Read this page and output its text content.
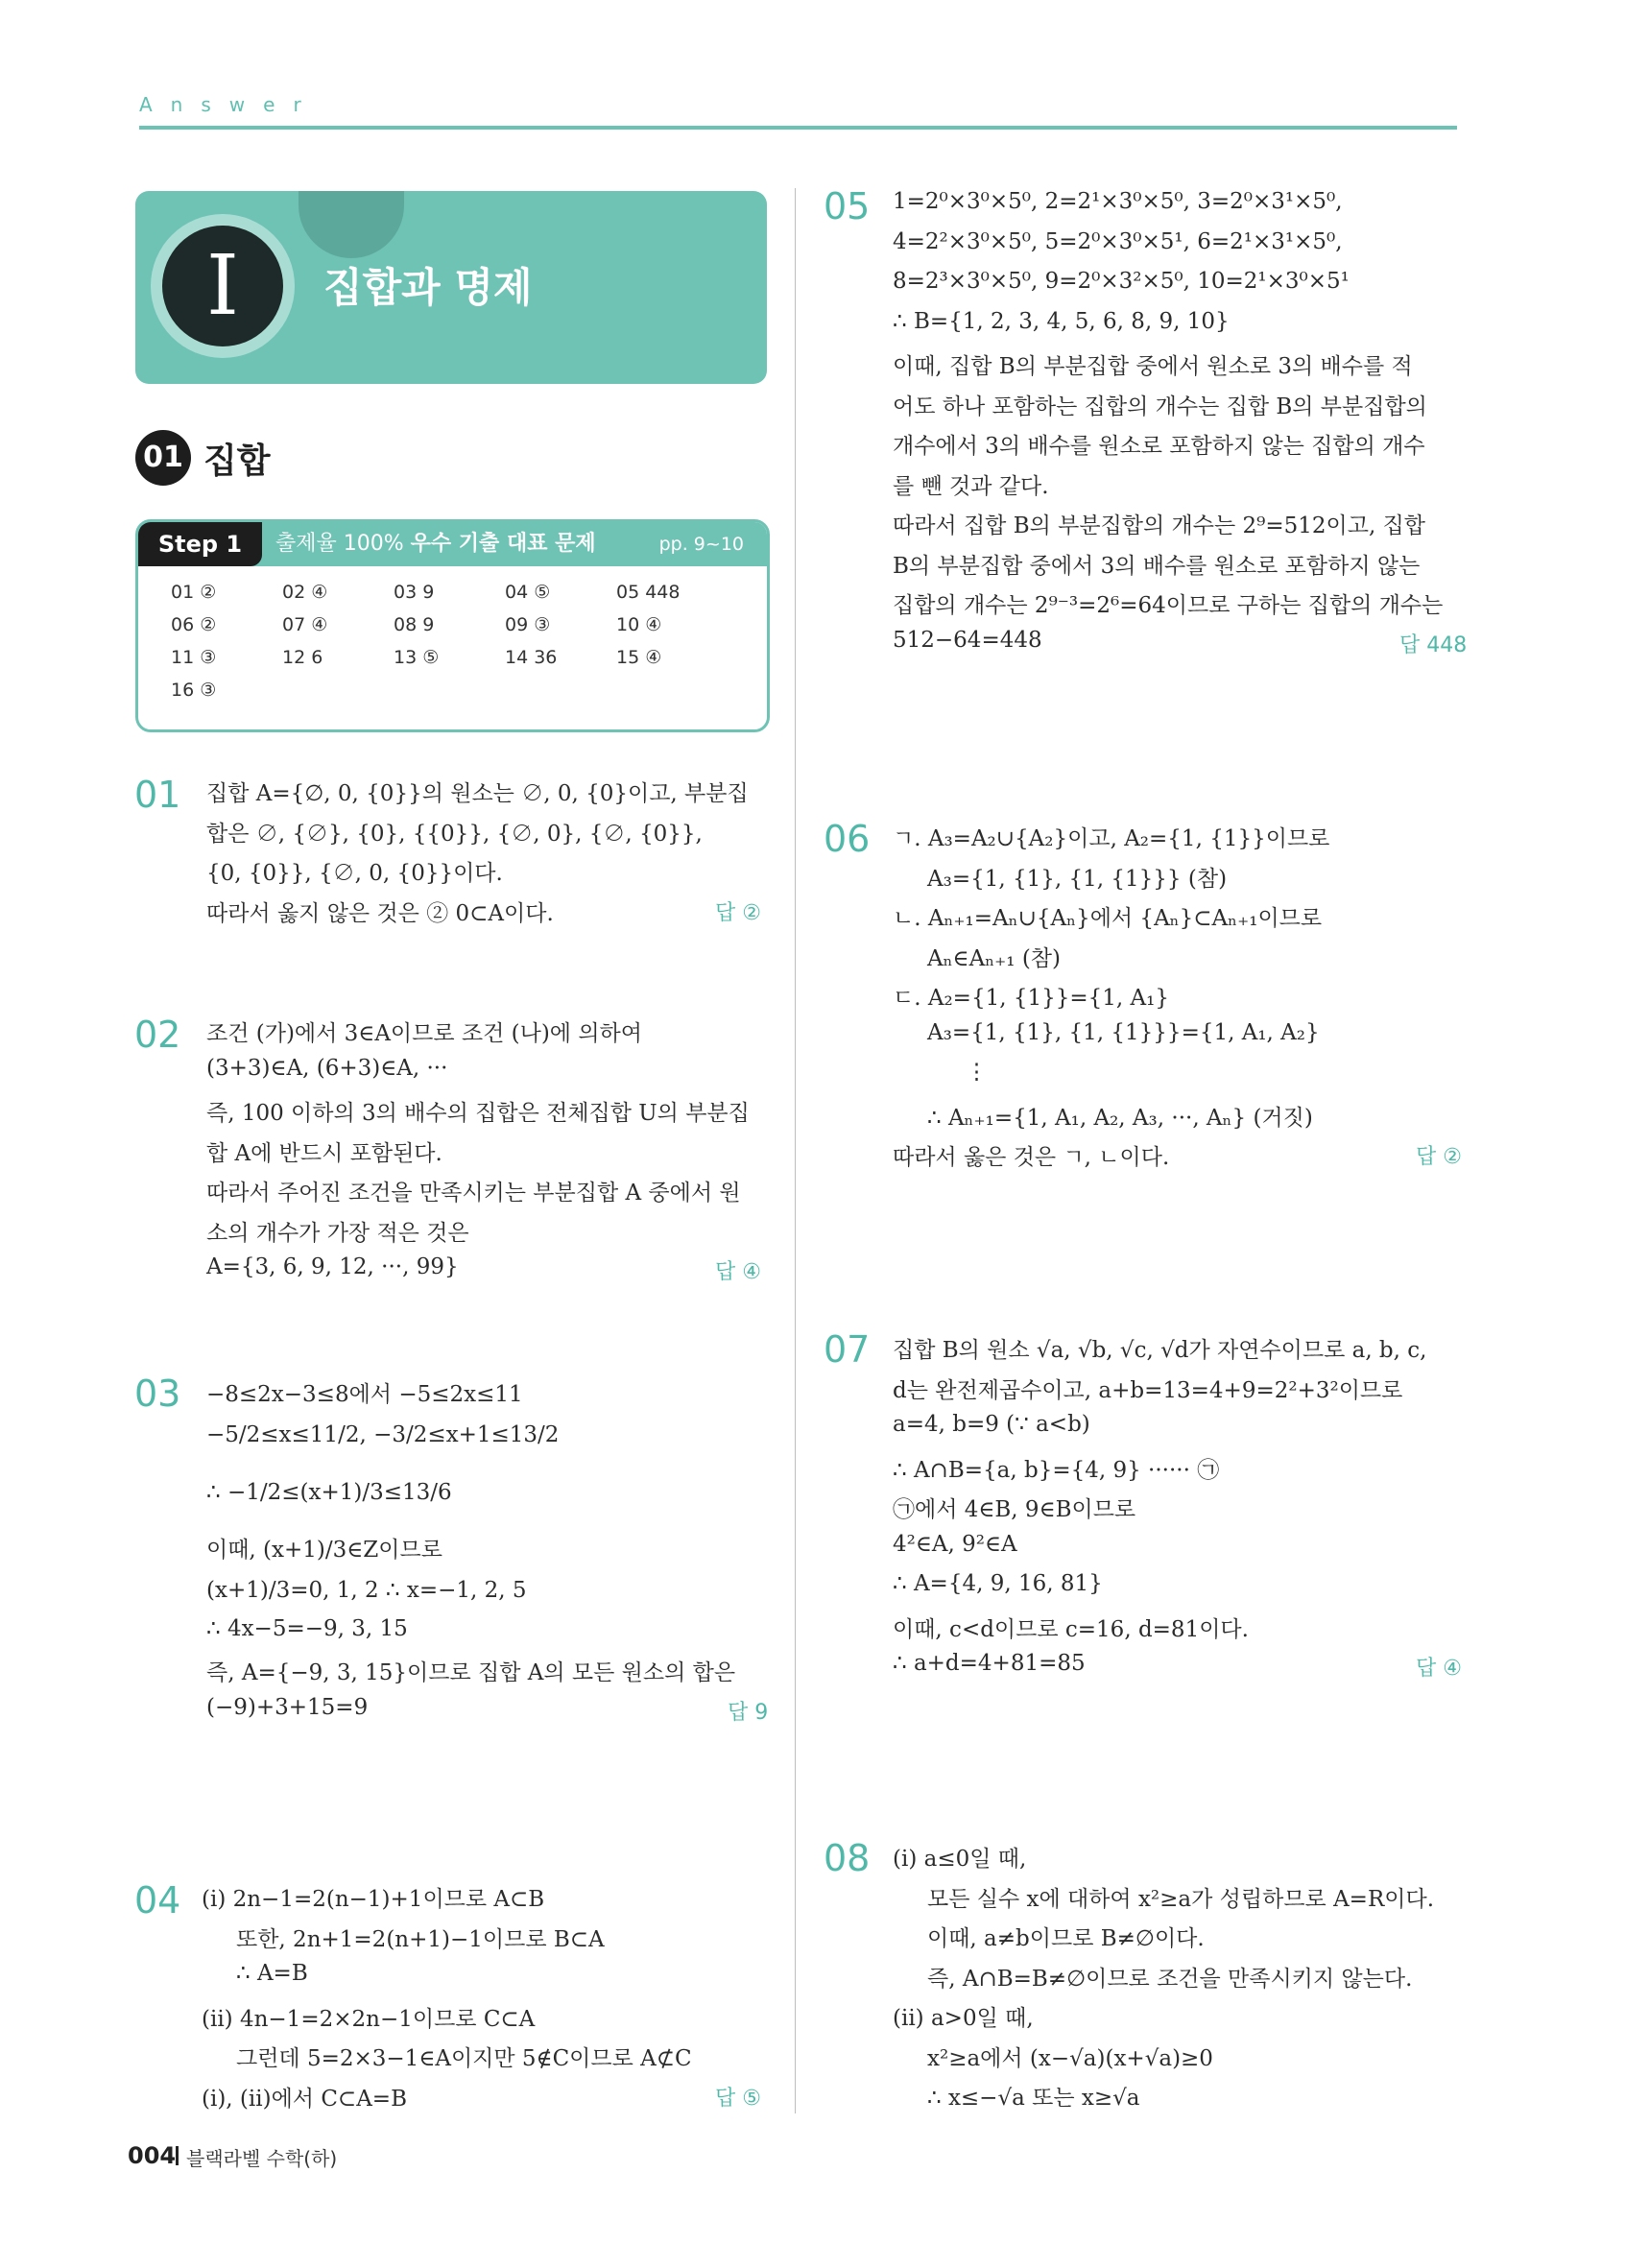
Answer
I	집합과 명제
01 집합
Step 1	출제율 100% 우수 기출 대표 문제	pp. 9~10
01 ②	02 ④	03 9	04 ⑤	05 448
06 ②	07 ④	08 9	09 ③	10 ④
11 ③	12 6	13 ⑤	14 36	15 ④
16 ③
01 집합 A={∅, 0, {0}}의 원소는 ∅, 0, {0}이고, 부분집
합은 ∅, {∅}, {0}, {{0}}, {∅, 0}, {∅, {0}},
{0, {0}}, {∅, 0, {0}}이다.
따라서 옳지 않은 것은 ② 0⊂A이다.	답 ②
02 조건 (가)에서 3∈A이므로 조건 (나)에 의하여
(3+3)∈A, (6+3)∈A, ···
즉, 100 이하의 3의 배수의 집합은 전체집합 U의 부분집
합 A에 반드시 포함된다.
따라서 주어진 조건을 만족시키는 부분집합 A 중에서 원
소의 개수가 가장 적은 것은
A={3, 6, 9, 12, ···, 99}	답 ④
03 −8≤2x−3≤8에서 −5≤2x≤11
−5/2≤x≤11/2, −3/2≤x+1≤13/2
∴ −1/2≤(x+1)/3≤13/6
이때, (x+1)/3∈Z이므로
(x+1)/3=0, 1, 2 ∴ x=−1, 2, 5
∴ 4x−5=−9, 3, 15
즉, A={−9, 3, 15}이므로 집합 A의 모든 원소의 합은
(−9)+3+15=9	답 9
04 (i) 2n−1=2(n−1)+1이므로 A⊂B
또한, 2n+1=2(n+1)−1이므로 B⊂A
∴ A=B
(ii) 4n−1=2×2n−1이므로 C⊂A
그런데 5=2×3−1∈A이지만 5∉C이므로 A⊄C
(i), (ii)에서 C⊂A=B	답 ⑤
05 1=2⁰×3⁰×5⁰, 2=2¹×3⁰×5⁰, 3=2⁰×3¹×5⁰,
4=2²×3⁰×5⁰, 5=2⁰×3⁰×5¹, 6=2¹×3¹×5⁰,
8=2³×3⁰×5⁰, 9=2⁰×3²×5⁰, 10=2¹×3⁰×5¹
∴ B={1, 2, 3, 4, 5, 6, 8, 9, 10}
이때, 집합 B의 부분집합 중에서 원소로 3의 배수를 적
어도 하나 포함하는 집합의 개수는 집합 B의 부분집합의
개수에서 3의 배수를 원소로 포함하지 않는 집합의 개수
를 뺀 것과 같다.
따라서 집합 B의 부분집합의 개수는 2⁹=512이고, 집합
B의 부분집합 중에서 3의 배수를 원소로 포함하지 않는
집합의 개수는 2⁹⁻³=2⁶=64이므로 구하는 집합의 개수는
512−64=448	답 448
06 ㄱ. A₃=A₂∪{A₂}이고, A₂={1, {1}}이므로
A₃={1, {1}, {1, {1}}} (참)
ㄴ. Aₙ₊₁=Aₙ∪{Aₙ}에서 {Aₙ}⊂Aₙ₊₁이므로
Aₙ∈Aₙ₊₁ (참)
ㄷ. A₂={1, {1}}={1, A₁}
A₃={1, {1}, {1, {1}}}={1, A₁, A₂}
⋮
∴ Aₙ₊₁={1, A₁, A₂, A₃, ···, Aₙ} (거짓)
따라서 옳은 것은 ㄱ, ㄴ이다.	답 ②
07 집합 B의 원소 √a, √b, √c, √d가 자연수이므로 a, b, c,
d는 완전제곱수이고, a+b=13=4+9=2²+3²이므로
a=4, b=9 (∵ a<b)
∴ A∩B={a, b}={4, 9} ······ ㉠
㉠에서 4∈B, 9∈B이므로
4²∈A, 9²∈A
∴ A={4, 9, 16, 81}
이때, c<d이므로 c=16, d=81이다.
∴ a+d=4+81=85	답 ④
08 (i) a≤0일 때,
모든 실수 x에 대하여 x²≥a가 성립하므로 A=R이다.
이때, a≠b이므로 B≠∅이다.
즉, A∩B=B≠∅이므로 조건을 만족시키지 않는다.
(ii) a>0일 때,
x²≥a에서 (x−√a)(x+√a)≥0
∴ x≤−√a 또는 x≥√a
004 블랙라벨 수학(하)
